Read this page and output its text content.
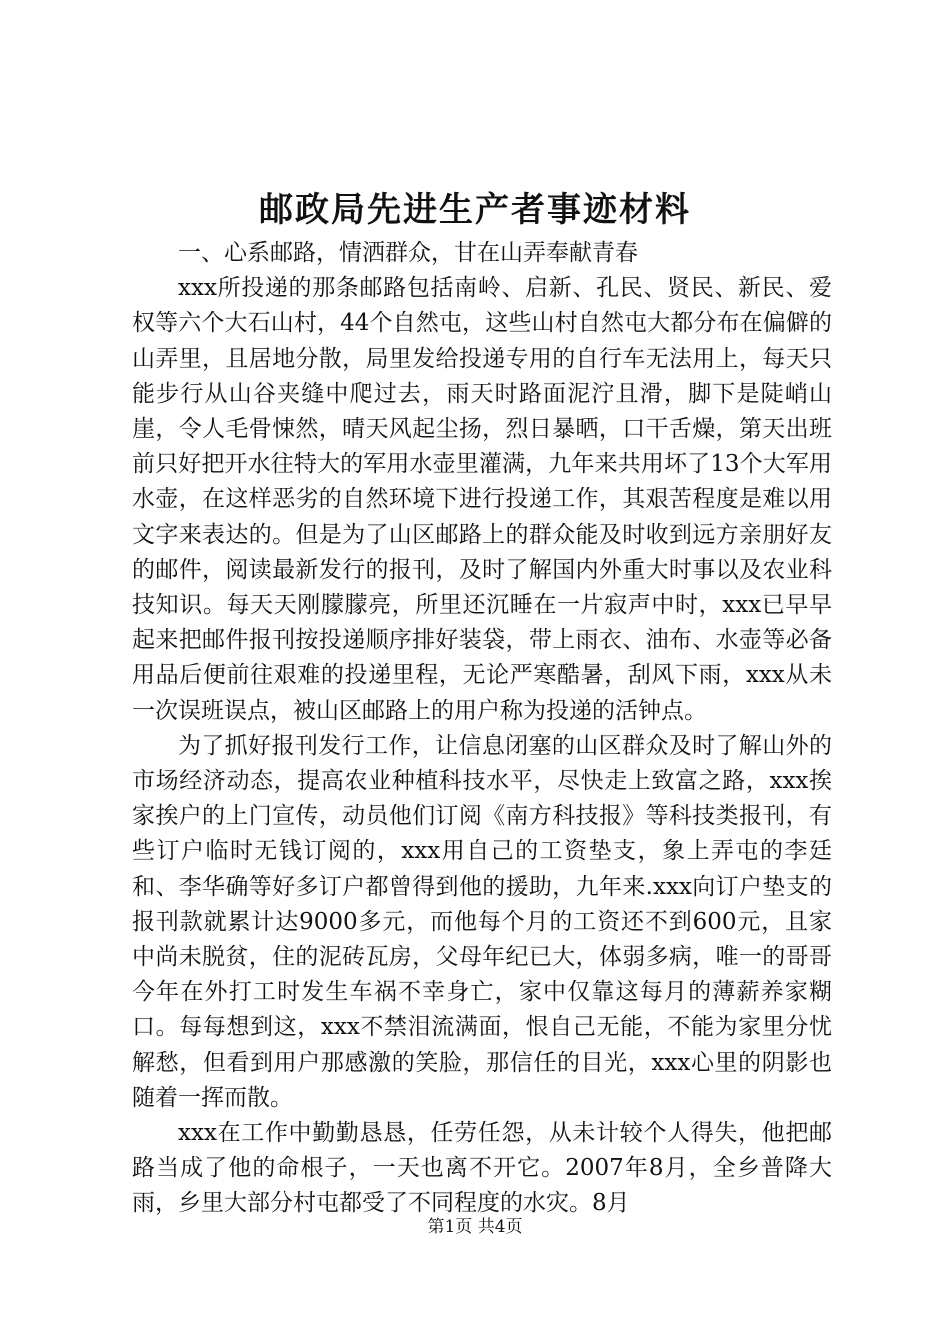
邮政局先进生产者事迹材料

一、心系邮路，情洒群众，甘在山弄奉献青春

xxx所投递的那条邮路包括南岭、启新、孔民、贤民、新民、爱权等六个大石山村，44个自然屯，这些山村自然屯大都分布在偏僻的山弄里，且居地分散，局里发给投递专用的自行车无法用上，每天只能步行从山谷夹缝中爬过去，雨天时路面泥泞且滑，脚下是陡峭山崖，令人毛骨悚然，晴天风起尘扬，烈日暴晒，口干舌燥，第天出班前只好把开水往特大的军用水壶里灌满，九年来共用坏了13个大军用水壶，在这样恶劣的自然环境下进行投递工作，其艰苦程度是难以用文字来表达的。但是为了山区邮路上的群众能及时收到远方亲朋好友的邮件，阅读最新发行的报刊，及时了解国内外重大时事以及农业科技知识。每天天刚朦朦亮，所里还沉睡在一片寂声中时，xxx已早早起来把邮件报刊按投递顺序排好装袋，带上雨衣、油布、水壶等必备用品后便前往艰难的投递里程，无论严寒酷暑，刮风下雨，xxx从未一次误班误点，被山区邮路上的用户称为投递的活钟点。

为了抓好报刊发行工作，让信息闭塞的山区群众及时了解山外的市场经济动态，提高农业种植科技水平，尽快走上致富之路，xxx挨家挨户的上门宣传，动员他们订阅《南方科技报》等科技类报刊，有些订户临时无钱订阅的，xxx用自己的工资垫支，象上弄屯的李廷和、李华确等好多订户都曾得到他的援助，九年来.xxx向订户垫支的报刊款就累计达9000多元，而他每个月的工资还不到600元，且家中尚未脱贫，住的泥砖瓦房，父母年纪已大，体弱多病，唯一的哥哥今年在外打工时发生车祸不幸身亡，家中仅靠这每月的薄薪养家糊口。每每想到这，xxx不禁泪流满面，恨自己无能，不能为家里分忧解愁，但看到用户那感激的笑脸，那信任的目光，xxx心里的阴影也随着一挥而散。

xxx在工作中勤勤恳恳，任劳任怨，从未计较个人得失，他把邮路当成了他的命根子，一天也离不开它。2007年8月，全乡普降大雨，乡里大部分村屯都受了不同程度的水灾。8月

第1页 共4页
